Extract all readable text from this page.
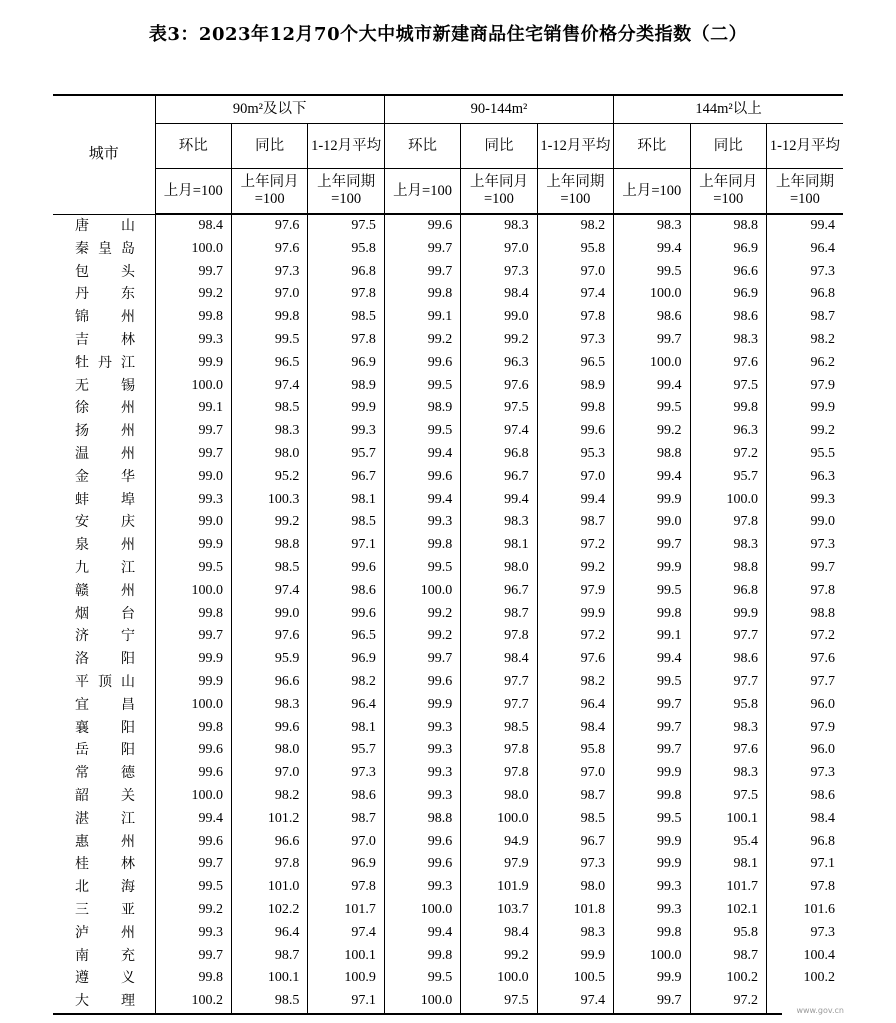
表3：2023年12月70个大中城市新建商品住宅销售价格分类指数（二）
城市	90m²及以下			90-144m²			144m²以上		
	环比	同比	1-12月平均	环比	同比	1-12月平均	环比	同比	1-12月平均
	上月=100	上年同月=100	上年同期=100	上月=100	上年同月=100	上年同期=100	上月=100	上年同月=100	上年同期=100

唐山	98.4	97.6	97.5	99.6	98.3	98.2	98.3	98.8	99.4

秦皇岛	100.0	97.6	95.8	99.7	97.0	95.8	99.4	96.9	96.4

包头	99.7	97.3	96.8	99.7	97.3	97.0	99.5	96.6	97.3

丹东	99.2	97.0	97.8	99.8	98.4	97.4	100.0	96.9	96.8

锦州	99.8	99.8	98.5	99.1	99.0	97.8	98.6	98.6	98.7

吉林	99.3	99.5	97.8	99.2	99.2	97.3	99.7	98.3	98.2

牡丹江	99.9	96.5	96.9	99.6	96.3	96.5	100.0	97.6	96.2

无锡	100.0	97.4	98.9	99.5	97.6	98.9	99.4	97.5	97.9

徐州	99.1	98.5	99.9	98.9	97.5	99.8	99.5	99.8	99.9

扬州	99.7	98.3	99.3	99.5	97.4	99.6	99.2	96.3	99.2

温州	99.7	98.0	95.7	99.4	96.8	95.3	98.8	97.2	95.5

金华	99.0	95.2	96.7	99.6	96.7	97.0	99.4	95.7	96.3

蚌埠	99.3	100.3	98.1	99.4	99.4	99.4	99.9	100.0	99.3

安庆	99.0	99.2	98.5	99.3	98.3	98.7	99.0	97.8	99.0

泉州	99.9	98.8	97.1	99.8	98.1	97.2	99.7	98.3	97.3

九江	99.5	98.5	99.6	99.5	98.0	99.2	99.9	98.8	99.7

赣州	100.0	97.4	98.6	100.0	96.7	97.9	99.5	96.8	97.8

烟台	99.8	99.0	99.6	99.2	98.7	99.9	99.8	99.9	98.8

济宁	99.7	97.6	96.5	99.2	97.8	97.2	99.1	97.7	97.2

洛阳	99.9	95.9	96.9	99.7	98.4	97.6	99.4	98.6	97.6

平顶山	99.9	96.6	98.2	99.6	97.7	98.2	99.5	97.7	97.7

宜昌	100.0	98.3	96.4	99.9	97.7	96.4	99.7	95.8	96.0

襄阳	99.8	99.6	98.1	99.3	98.5	98.4	99.7	98.3	97.9

岳阳	99.6	98.0	95.7	99.3	97.8	95.8	99.7	97.6	96.0

常德	99.6	97.0	97.3	99.3	97.8	97.0	99.9	98.3	97.3

韶关	100.0	98.2	98.6	99.3	98.0	98.7	99.8	97.5	98.6

湛江	99.4	101.2	98.7	98.8	100.0	98.5	99.5	100.1	98.4

惠州	99.6	96.6	97.0	99.6	94.9	96.7	99.9	95.4	96.8

桂林	99.7	97.8	96.9	99.6	97.9	97.3	99.9	98.1	97.1

北海	99.5	101.0	97.8	99.3	101.9	98.0	99.3	101.7	97.8

三亚	99.2	102.2	101.7	100.0	103.7	101.8	99.3	102.1	101.6

泸州	99.3	96.4	97.4	99.4	98.4	98.3	99.8	95.8	97.3

南充	99.7	98.7	100.1	99.8	99.2	99.9	100.0	98.7	100.4

遵义	99.8	100.1	100.9	99.5	100.0	100.5	99.9	100.2	100.2

大理	100.2	98.5	97.1	100.0	97.5	97.4	99.7	97.2	
www.gov.cn
